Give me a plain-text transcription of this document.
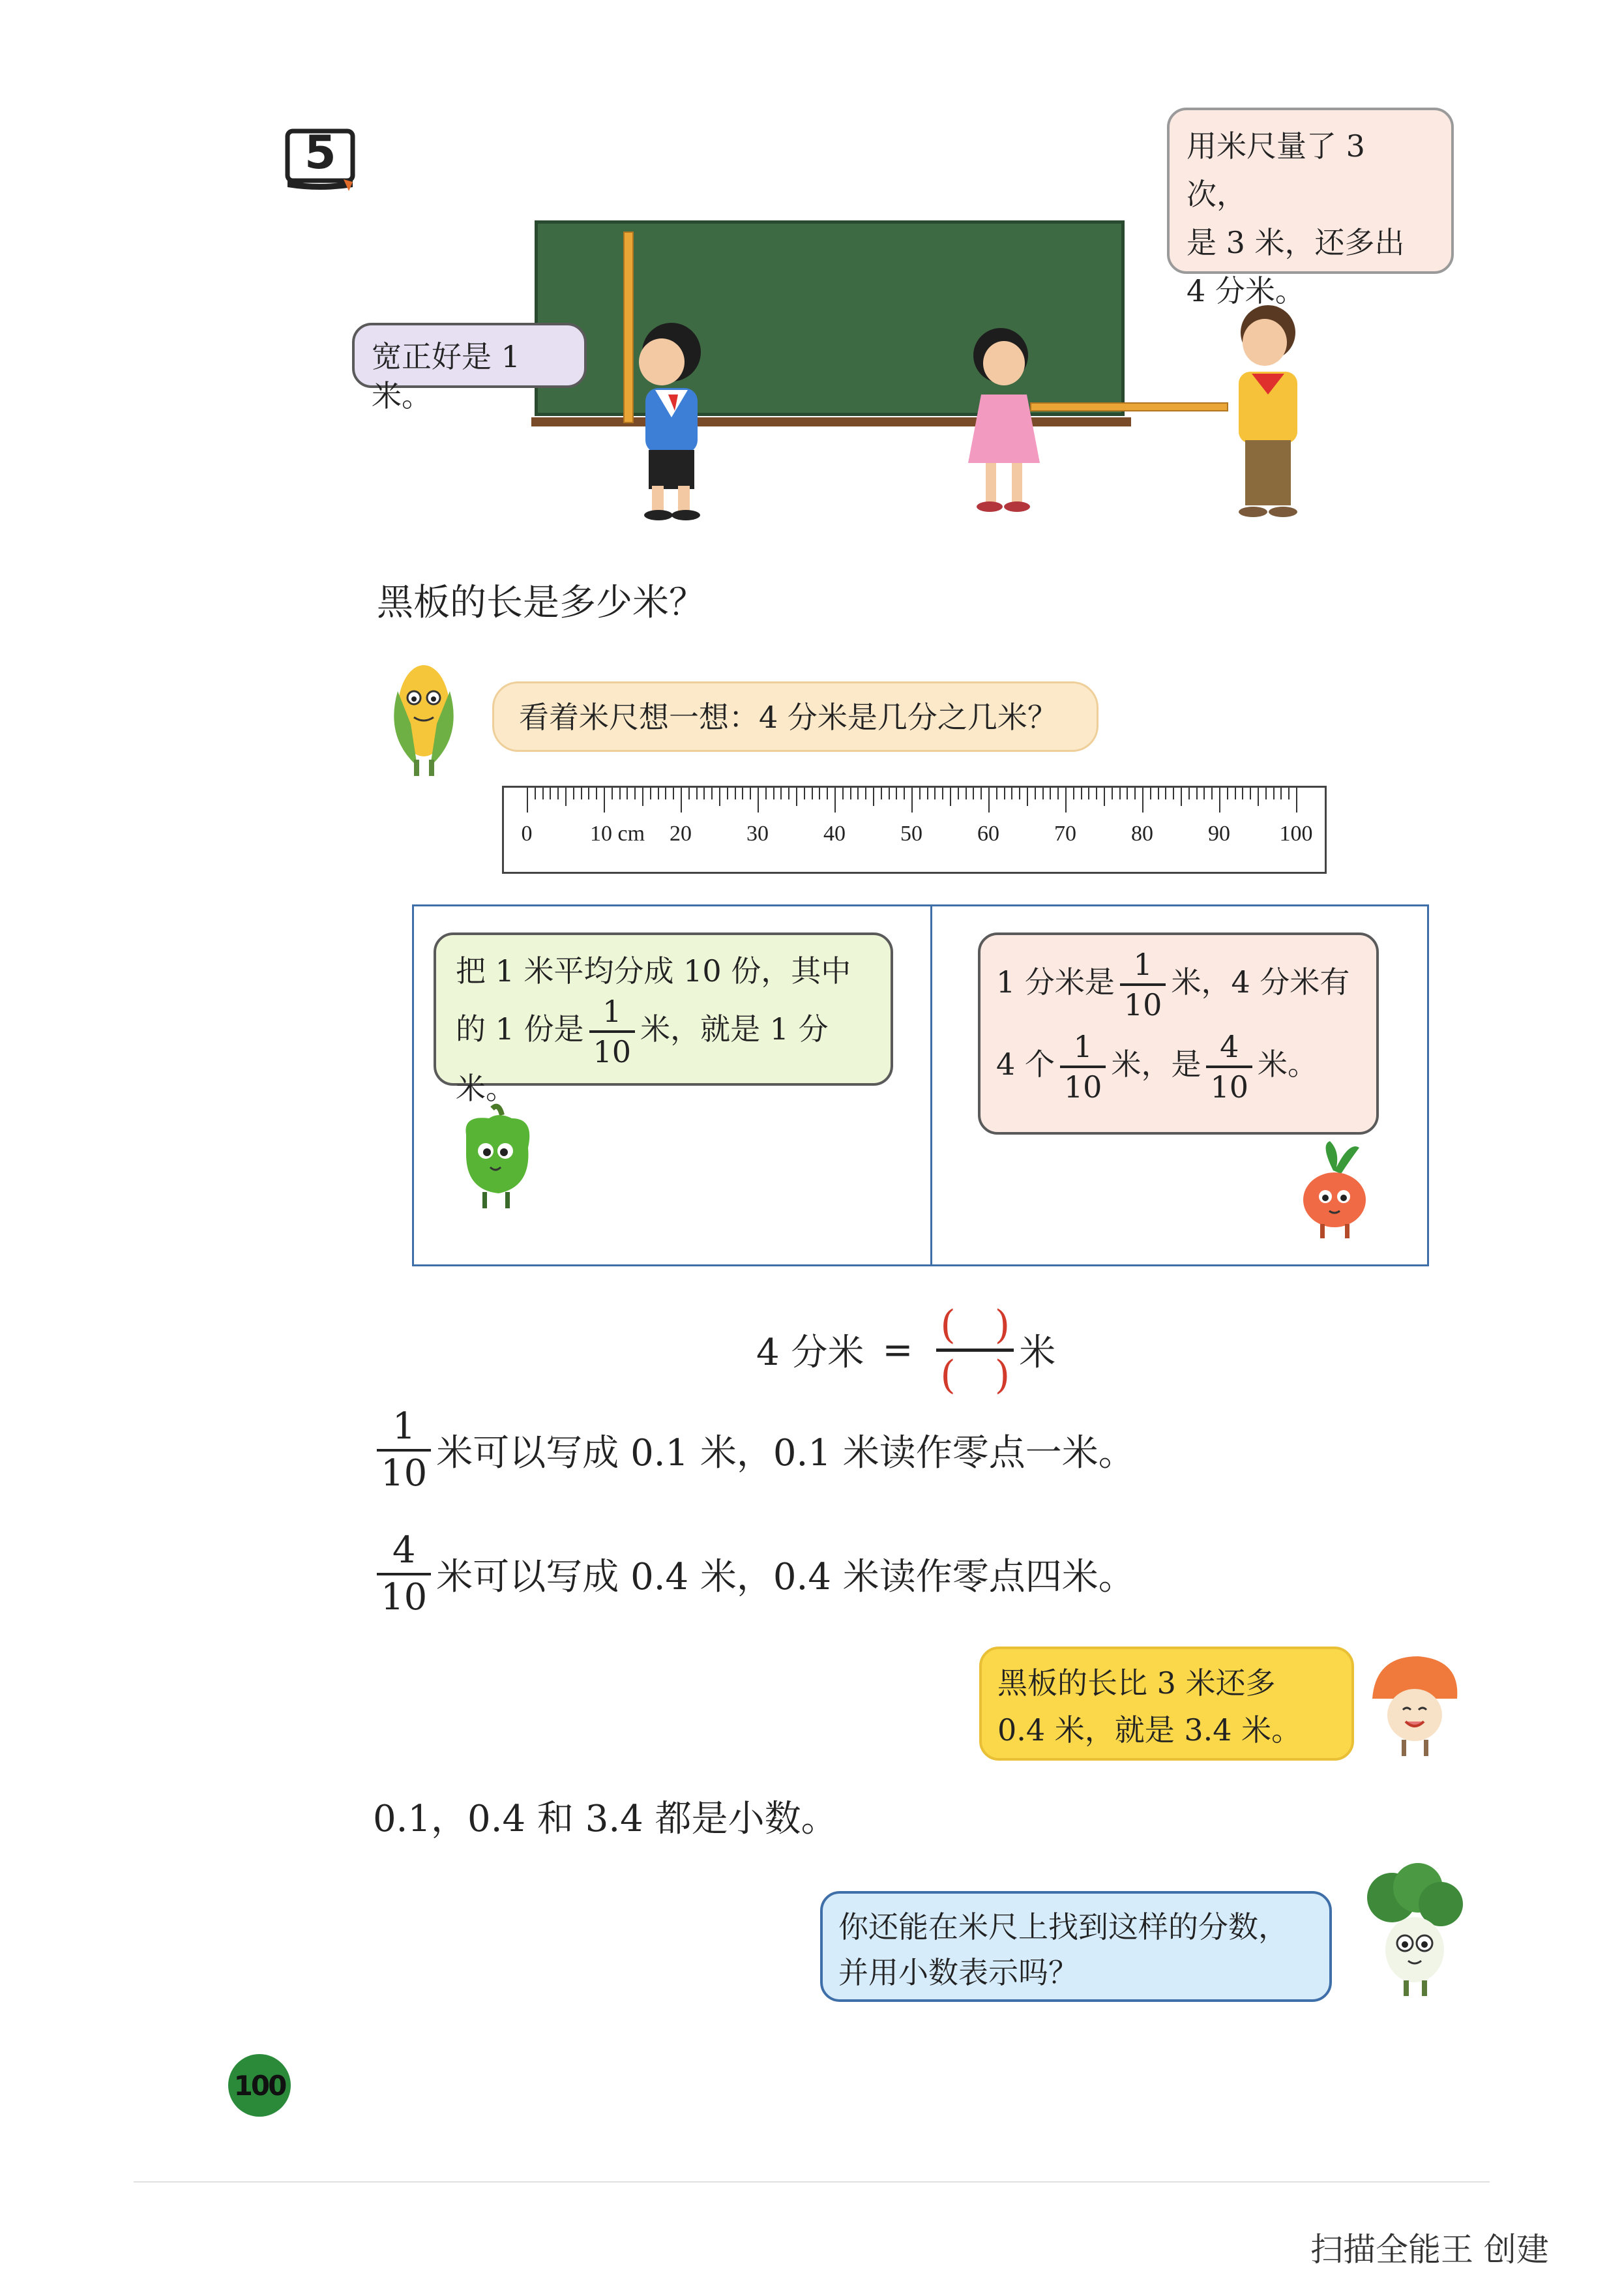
5	用米尺量了 3 次，
是 3 米，还多出
4 分米。
宽正好是 1 米。
黑板的长是多少米？
看着米尺想一想：4 分米是几分之几米？
0	10 cm 20 30 40 50 60 70 80 90 100
把 1 米平均分成 10 份，其中
的 1 份是 $\frac{1}{10}$ 米，就是 1 分米。
1 分米是 $\frac{1}{10}$ 米，4 分米有
4 个 $\frac{1}{10}$ 米，是 $\frac{4}{10}$ 米。
4 分米 =
(　)
(　) 米
$\frac{1}{10}$ 米可以写成 0.1 米，0.1 米读作零点一米。
$\frac{4}{10}$ 米可以写成 0.4 米，0.4 米读作零点四米。
黑板的长比 3 米还多
0.4 米，就是 3.4 米。
0.1，0.4 和 3.4 都是小数。
你还能在米尺上找到这样的分数，
并用小数表示吗？
100
扫描全能王 创建
